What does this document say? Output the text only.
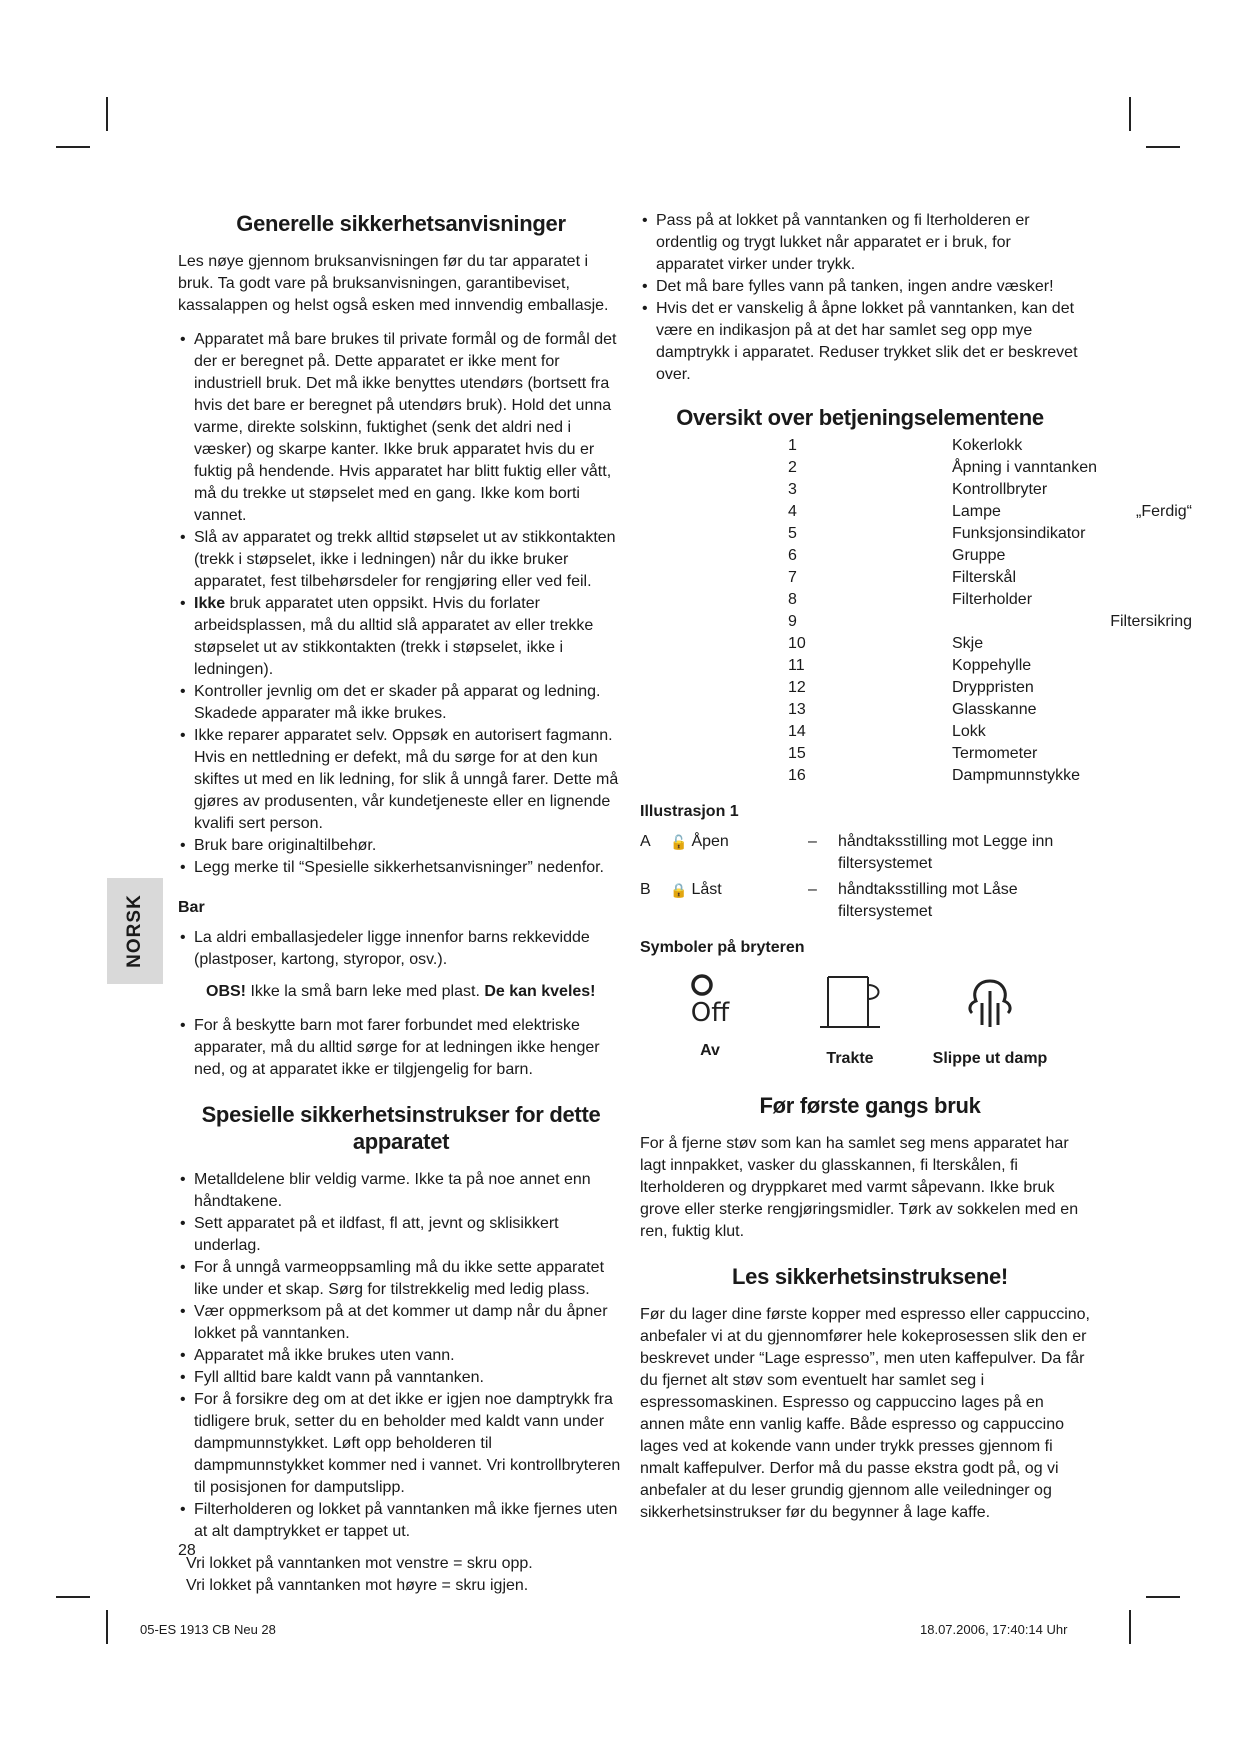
NORSK
Generelle sikkerhetsanvisninger

Les nøye gjennom bruksanvisningen før du tar apparatet i bruk. Ta godt vare på bruksanvisningen, garantibeviset, kassalappen og helst også esken med innvendig emballasje.

• Apparatet må bare brukes til private formål og de formål det der er beregnet på. Dette apparatet er ikke ment for industriell bruk. Det må ikke benyttes utendørs (bortsett fra hvis det bare er beregnet på utendørs bruk). Hold det unna varme, direkte solskinn, fuktighet (senk det aldri ned i væsker) og skarpe kanter. Ikke bruk apparatet hvis du er fuktig på hendende. Hvis apparatet har blitt fuktig eller vått, må du trekke ut støpselet med en gang. Ikke kom borti vannet.
• Slå av apparatet og trekk alltid støpselet ut av stikkontakten (trekk i støpselet, ikke i ledningen) når du ikke bruker apparatet, fest tilbehørsdeler for rengjøring eller ved feil.
• Ikke bruk apparatet uten oppsikt. Hvis du forlater arbeidsplassen, må du alltid slå apparatet av eller trekke støpselet ut av stikkontakten (trekk i støpselet, ikke i ledningen).
• Kontroller jevnlig om det er skader på apparat og ledning. Skadede apparater må ikke brukes.
• Ikke reparer apparatet selv. Oppsøk en autorisert fagmann. Hvis en nettledning er defekt, må du sørge for at den kun skiftes ut med en lik ledning, for slik å unngå farer. Dette må gjøres av produsenten, vår kundetjeneste eller en lignende kvalifi sert person.
• Bruk bare originaltilbehør.
• Legg merke til “Spesielle sikkerhetsanvisninger” nedenfor.
Bar
• La aldri emballasjedeler ligge innenfor barns rekkevidde (plastposer, kartong, styropor, osv.).
OBS! Ikke la små barn leke med plast. De kan kveles!
• For å beskytte barn mot farer forbundet med elektriske apparater, må du alltid sørge for at ledningen ikke henger ned, og at apparatet ikke er tilgjengelig for barn.
Spesielle sikkerhetsinstrukser for dette apparatet
• Metalldelene blir veldig varme. Ikke ta på noe annet enn håndtakene.
• Sett apparatet på et ildfast, fl att, jevnt og sklisikkert underlag.
• For å unngå varmeoppsamling må du ikke sette apparatet like under et skap. Sørg for tilstrekkelig med ledig plass.
• Vær oppmerksom på at det kommer ut damp når du åpner lokket på vanntanken.
• Apparatet må ikke brukes uten vann.
• Fyll alltid bare kaldt vann på vanntanken.
• For å forsikre deg om at det ikke er igjen noe damptrykk fra tidligere bruk, setter du en beholder med kaldt vann under dampmunnstykket. Løft opp beholderen til dampmunnstykket kommer ned i vannet. Vri kontrollbryteren til posisjonen for damputslipp.
• Filterholderen og lokket på vanntanken må ikke fjernes uten at alt damptrykket er tappet ut.

Vri lokket på vanntanken mot venstre = skru opp.

Vri lokket på vanntanken mot høyre = skru igjen.

28
• Pass på at lokket på vanntanken og fi lterholderen er ordentlig og trygt lukket når apparatet er i bruk, for apparatet virker under trykk.
• Det må bare fylles vann på tanken, ingen andre væsker!
• Hvis det er vanskelig å åpne lokket på vanntanken, kan det være en indikasjon på at det har samlet seg opp mye damptrykk i apparatet. Reduser trykket slik det er beskrevet over.
Oversikt over betjeningselementene
1	Kokerlokk
2	Åpning i vanntanken
3	Kontrollbryter
4	Lampe	„Ferdig“
5	Funksjonsindikator
6	Gruppe
7	Filterskål
8	Filterholder
9	Filtersikring
10	Skje
11	Koppehylle
12	Dryppristen
13	Glasskanne
14	Lokk
15	Termometer
16	Dampmunnstykke
Illustrasjon 1
A	🔓 Åpen	–	håndtaksstilling mot Legge inn filtersystemet
B	🔒 Låst	–	håndtaksstilling mot Låse filtersystemet
Symboler på bryteren
Off
Av	Trakte	Slippe ut damp
Før første gangs bruk

For å fjerne støv som kan ha samlet seg mens apparatet har lagt innpakket, vasker du glasskannen, fi lterskålen, fi lterholderen og dryppkaret med varmt såpevann. Ikke bruk grove eller sterke rengjøringsmidler. Tørk av sokkelen med en ren, fuktig klut.

Les sikkerhetsinstruksene!

Før du lager dine første kopper med espresso eller cappuccino, anbefaler vi at du gjennomfører hele kokeprosessen slik den er beskrevet under “Lage espresso”, men uten kaffepulver. Da får du fjernet alt støv som eventuelt har samlet seg i espressomaskinen. Espresso og cappuccino lages på en annen måte enn vanlig kaffe. Både espresso og cappuccino lages ved at kokende vann under trykk presses gjennom fi nmalt kaffepulver. Derfor må du passe ekstra godt på, og vi anbefaler at du leser grundig gjennom alle veiledninger og sikkerhetsinstrukser før du begynner å lage kaffe.

05-ES 1913 CB Neu 28	18.07.2006, 17:40:14 Uhr
